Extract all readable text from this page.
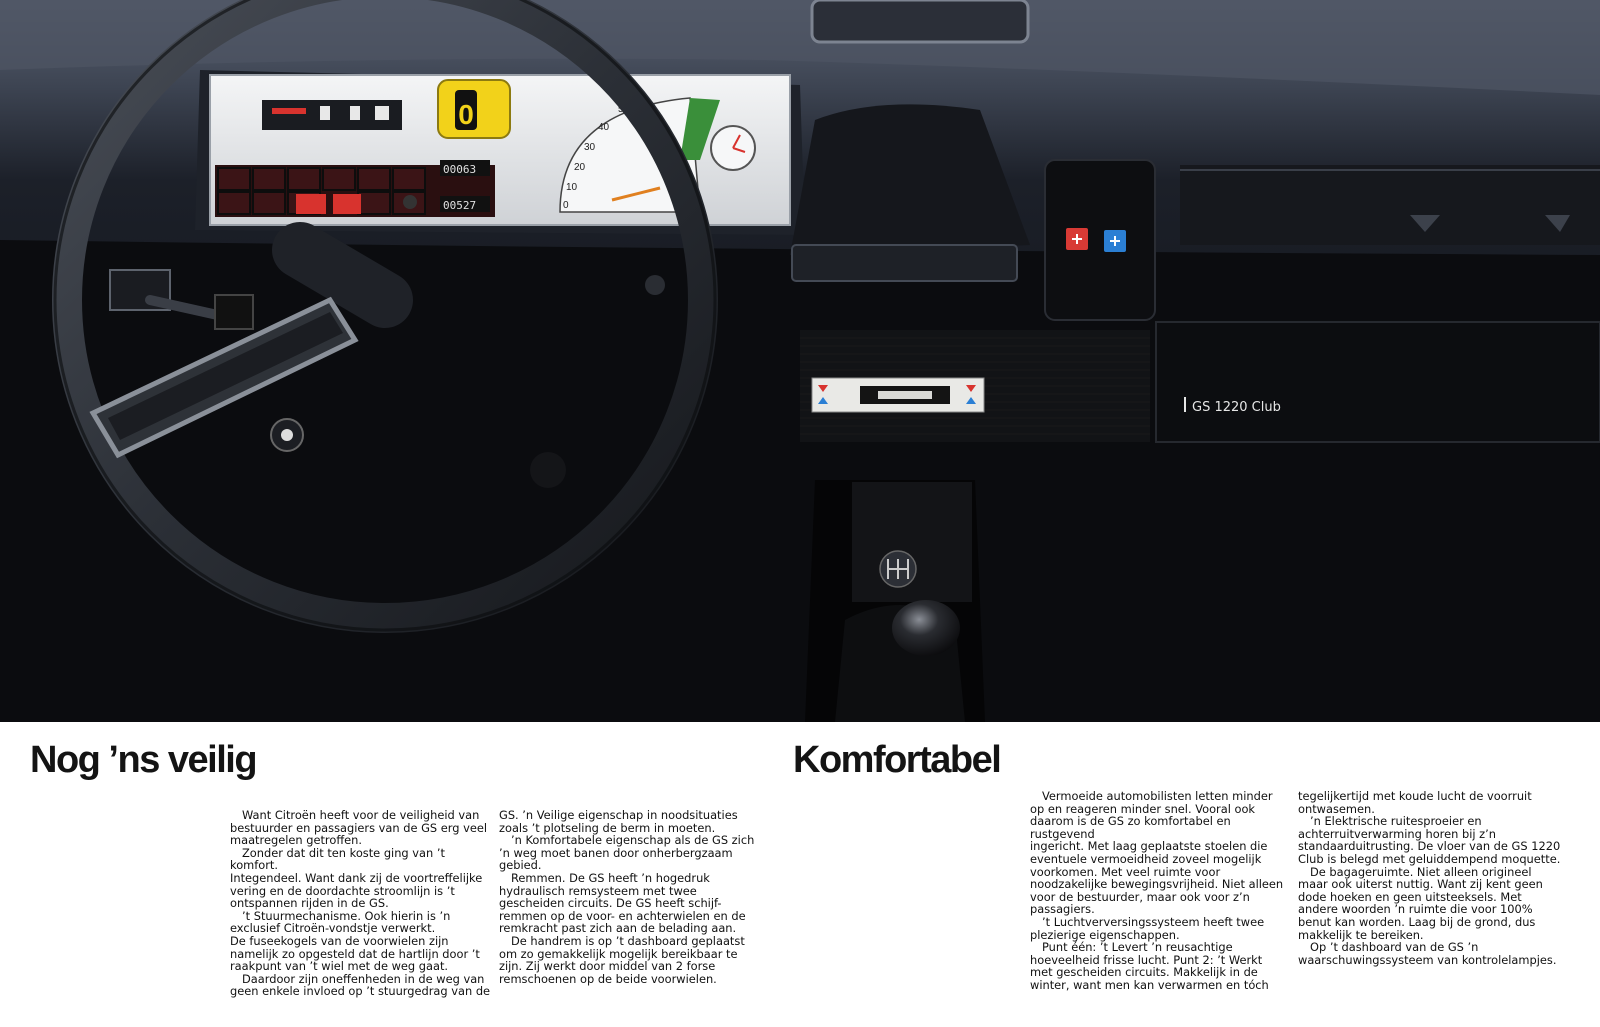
0
00063
00527
50
40
30
20
10
0
GS 1220 Club
Nog ’ns veilig

Want Citroën heeft voor de veiligheid van
bestuurder en passagiers van de GS erg veel
maatregelen getroffen.

Zonder dat dit ten koste ging van ’t komfort.
Integendeel. Want dank zij de voortreffelijke
vering en de doordachte stroomlijn is ’t
ontspannen rijden in de GS.

’t Stuurmechanisme. Ook hierin is ’n
exclusief Citroën-vondstje verwerkt.

De fuseekogels van de voorwielen zijn
namelijk zo opgesteld dat de hartlijn door ’t
raakpunt van ’t wiel met de weg gaat.

Daardoor zijn oneffenheden in de weg van
geen enkele invloed op ’t stuurgedrag van de

GS. ’n Veilige eigenschap in noodsituaties
zoals ’t plotseling de berm in moeten.

’n Komfortabele eigenschap als de GS zich
’n weg moet banen door onherbergzaam
gebied.

Remmen. De GS heeft ’n hogedruk
hydraulisch remsysteem met twee
gescheiden circuits. De GS heeft schijf-
remmen op de voor- en achterwielen en de
remkracht past zich aan de belading aan.

De handrem is op ’t dashboard geplaatst
om zo gemakkelijk mogelijk bereikbaar te
zijn. Zij werkt door middel van 2 forse
remschoenen op de beide voorwielen.

Komfortabel

Vermoeide automobilisten letten minder
op en reageren minder snel. Vooral ook
daarom is de GS zo komfortabel en rustgevend
ingericht. Met laag geplaatste stoelen die
eventuele vermoeidheid zoveel mogelijk
voorkomen. Met veel ruimte voor
noodzakelijke bewegingsvrijheid. Niet alleen
voor de bestuurder, maar ook voor z’n
passagiers.

’t Luchtverversingssysteem heeft twee
plezierige eigenschappen.

Punt één: ’t Levert ’n reusachtige
hoeveelheid frisse lucht. Punt 2: ’t Werkt
met gescheiden circuits. Makkelijk in de
winter, want men kan verwarmen en tóch

tegelijkertijd met koude lucht de voorruit
ontwasemen.

’n Elektrische ruitesproeier en
achterruitverwarming horen bij z’n
standaarduitrusting. De vloer van de GS 1220
Club is belegd met geluiddempend moquette.

De bagageruimte. Niet alleen origineel
maar ook uiterst nuttig. Want zij kent geen
dode hoeken en geen uitsteeksels. Met
andere woorden ’n ruimte die voor 100%
benut kan worden. Laag bij de grond, dus
makkelijk te bereiken.

Op ’t dashboard van de GS ’n
waarschuwingssysteem van kontrolelampjes.
